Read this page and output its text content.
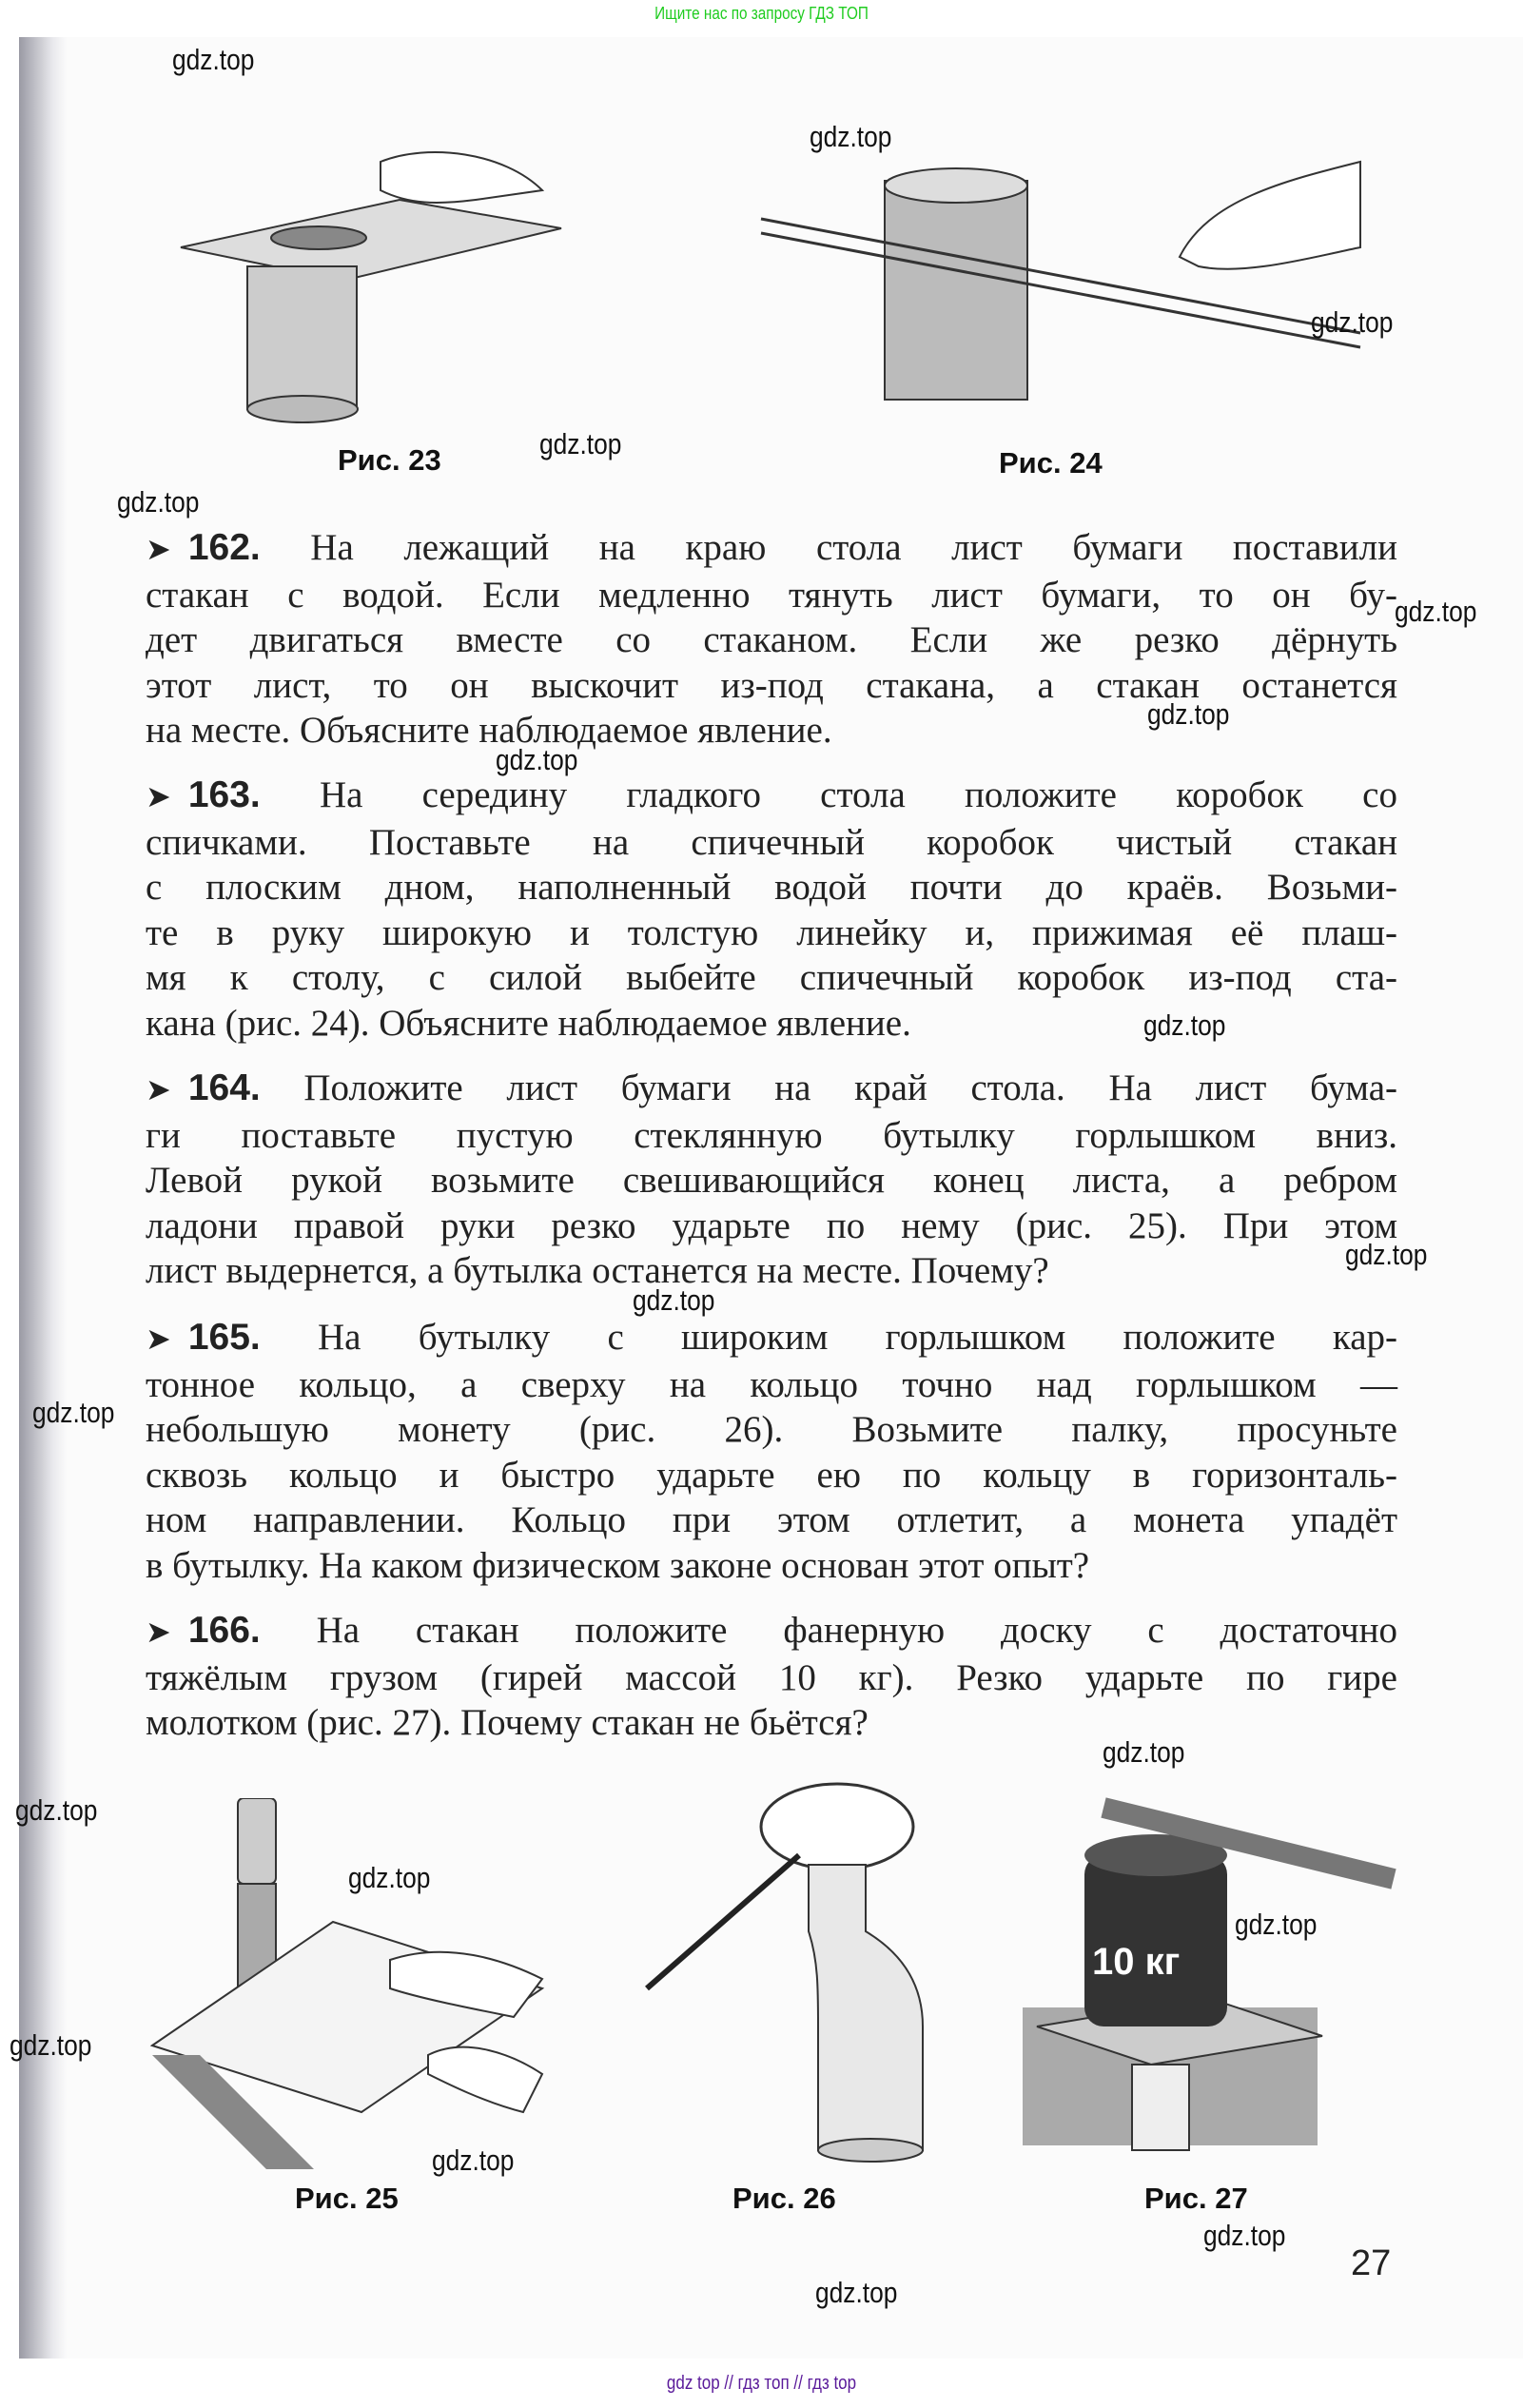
Ищите нас по запросу ГДЗ ТОП
Рис. 23	Рис. 24
➤ 162. На лежащий на краю стола лист бумаги поставили
стакан с водой. Если медленно тянуть лист бумаги, то он бу-
дет двигаться вместе со стаканом. Если же резко дёрнуть
этот лист, то он выскочит из-под стакана, а стакан останется
на месте. Объясните наблюдаемое явление.
➤ 163. На середину гладкого стола положите коробок со
спичками. Поставьте на спичечный коробок чистый стакан
с плоским дном, наполненный водой почти до краёв. Возьми-
те в руку широкую и толстую линейку и, прижимая её плаш-
мя к столу, с силой выбейте спичечный коробок из-под ста-
кана (рис. 24). Объясните наблюдаемое явление.
➤ 164. Положите лист бумаги на край стола. На лист бума-
ги поставьте пустую стеклянную бутылку горлышком вниз.
Левой рукой возьмите свешивающийся конец листа, а ребром
ладони правой руки резко ударьте по нему (рис. 25). При этом
лист выдернется, а бутылка останется на месте. Почему?
➤ 165. На бутылку с широким горлышком положите кар-
тонное кольцо, а сверху на кольцо точно над горлышком —
небольшую монету (рис. 26). Возьмите палку, просуньте
сквозь кольцо и быстро ударьте ею по кольцу в горизонталь-
ном направлении. Кольцо при этом отлетит, а монета упадёт
в бутылку. На каком физическом законе основан этот опыт?
➤ 166. На стакан положите фанерную доску с достаточно
тяжёлым грузом (гирей массой 10 кг). Резко ударьте по гире
молотком (рис. 27). Почему стакан не бьётся?
10 кг
Рис. 25	Рис. 26	Рис. 27
27
gdz.top
gdz.top
gdz.top
gdz.top
gdz.top
gdz.top
gdz.top
gdz.top
gdz.top
gdz.top
gdz.top
gdz.top
gdz.top
gdz.top
gdz.top
gdz.top
gdz.top
gdz.top
gdz.top
gdz.top
gdz top // гдз топ // гдз top
